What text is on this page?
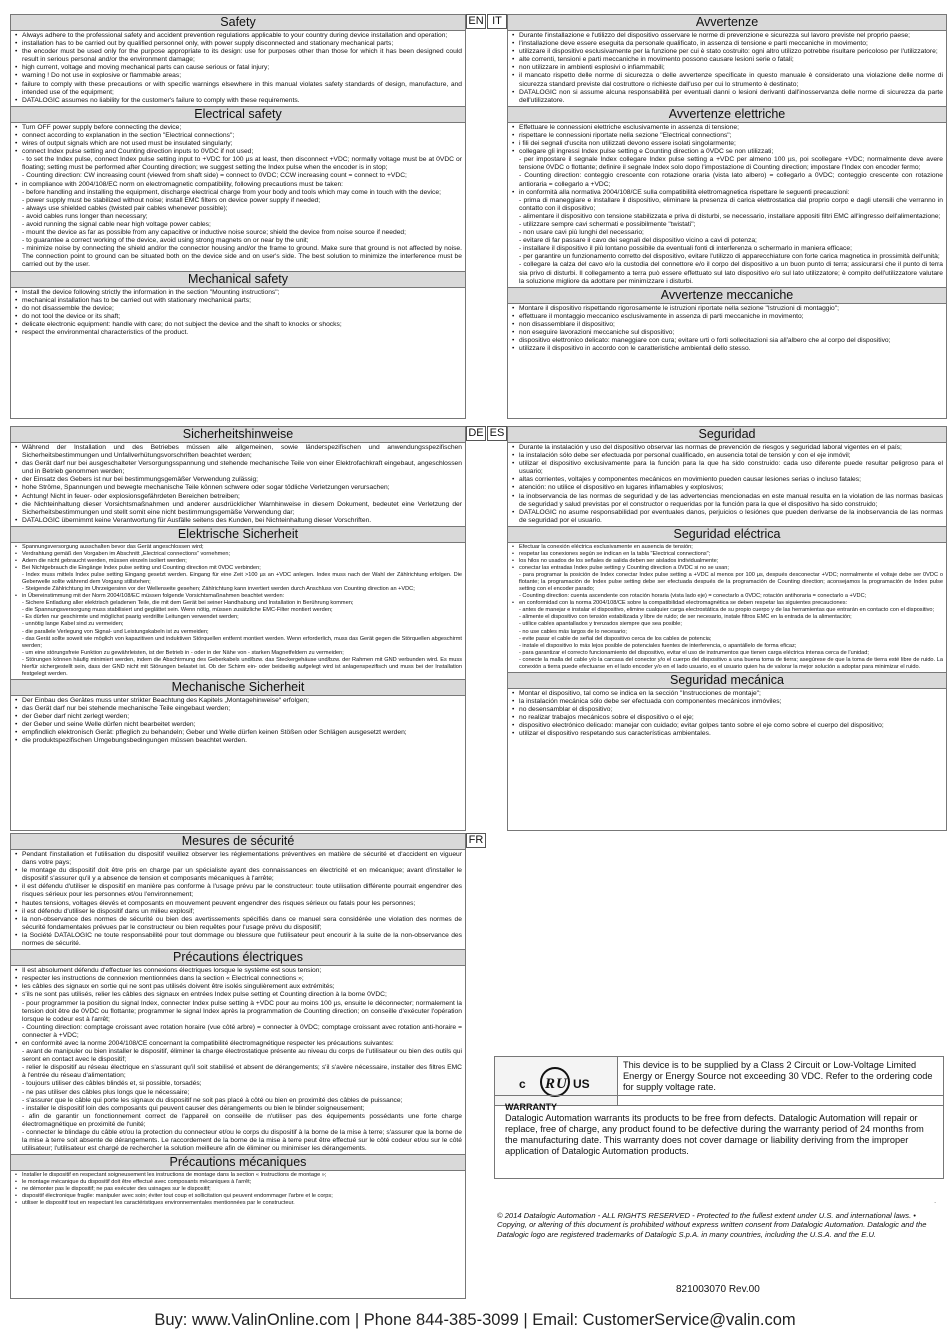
Safety
• Always adhere to the professional safety and accident prevention regulations applicable to your country during device installation and operation;
• installation has to be carried out by qualified personnel only, with power supply disconnected and stationary mechanical parts;
• the encoder must be used only for the purpose appropriate to its design: use for purposes other than those for which it has been designed could result in serious personal and/or the environment damage;
• high current, voltage and moving mechanical parts can cause serious or fatal injury;
• warning ! Do not use in explosive or flammable areas;
• failure to comply with these precautions or with specific warnings elsewhere in this manual violates safety standards of design, manufacture, and intended use of the equipment;
• DATALOGIC assumes no liability for the customer's failure to comply with these requirements.
Electrical safety
• Turn OFF power supply before connecting the device;
• connect according to explanation in the section "Electrical connections";
• wires of output signals which are not used must be insulated singularly;
• connect Index pulse setting and Counting direction inputs to 0VDC if not used;
- to set the Index pulse, connect Index pulse setting input to +VDC for 100 µs at least, then disconnect +VDC; normally voltage must be at 0VDC or floating; setting must be performed after Counting direction; we suggest setting the Index pulse when the encoder is in stop;
- Counting direction: CW increasing count (viewed from shaft side) = connect to 0VDC; CCW increasing count = connect to +VDC;
• in compliance with 2004/108/EC norm on electromagnetic compatibility, following precautions must be taken:
- before handling and installing the equipment, discharge electrical charge from your body and tools which may come in touch with the device;
- power supply must be stabilized without noise; install EMC filters on device power supply if needed;
- always use shielded cables (twisted pair cables whenever possible);
- avoid cables runs longer than necessary;
- avoid running the signal cable near high voltage power cables;
- mount the device as far as possible from any capacitive or inductive noise source; shield the device from noise source if needed;
- to guarantee a correct working of the device, avoid using strong magnets on or near by the unit;
- minimize noise by connecting the shield and/or the connector housing and/or the frame to ground. Make sure that ground is not affected by noise. The connection point to ground can be situated both on the device side and on user's side. The best solution to minimize the interference must be carried out by the user.
Mechanical safety
• Install the device following strictly the information in the section "Mounting instructions";
• mechanical installation has to be carried out with stationary mechanical parts;
• do not disassemble the device;
• do not tool the device or its shaft;
• delicate electronic equipment: handle with care; do not subject the device and the shaft to knocks or shocks;
• respect the environmental characteristics of the product.
EN IT	Avvertenze
• Durante l'installazione e l'utilizzo del dispositivo osservare le norme di prevenzione e sicurezza sul lavoro previste nel proprio paese;
• l'installazione deve essere eseguita da personale qualificato, in assenza di tensione e parti meccaniche in movimento;
• utilizzare il dispositivo esclusivamente per la funzione per cui è stato costruito: ogni altro utilizzo potrebbe risultare pericoloso per l'utilizzatore;
• alte correnti, tensioni e parti meccaniche in movimento possono causare lesioni serie o fatali;
• non utilizzare in ambienti esplosivi o infiammabili;
• il mancato rispetto delle norme di sicurezza o delle avvertenze specificate in questo manuale è considerato una violazione delle norme di sicurezza standard previste dal costruttore o richieste dall'uso per cui lo strumento è destinato;
• DATALOGIC non si assume alcuna responsabilità per eventuali danni o lesioni derivanti dall'inosservanza delle norme di sicurezza da parte dell'utilizzatore.
Avvertenze elettriche
• Effettuare le connessioni elettriche esclusivamente in assenza di tensione;
• rispettare le connessioni riportate nella sezione "Electrical connections";
• i fili dei segnali d'uscita non utilizzati devono essere isolati singolarmente;
• collegare gli ingressi Index pulse setting e Counting direction a 0VDC se non utilizzati;
- per impostare il segnale Index collegare Index pulse setting a +VDC per almeno 100 µs, poi scollegare +VDC; normalmente deve avere tensione 0VDC o flottante; definire il segnale Index solo dopo l'impostazione di Counting direction; impostare l'Index con encoder fermo;
- Counting direction: conteggio crescente con rotazione oraria (vista lato albero) = collegarlo a 0VDC; conteggio crescente con rotazione antioraria = collegarlo a +VDC;
• in conformità alla normativa 2004/108/CE sulla compatibilità elettromagnetica rispettare le seguenti precauzioni:
- prima di maneggiare e installare il dispositivo, eliminare la presenza di carica elettrostatica dal proprio corpo e dagli utensili che verranno in contatto con il dispositivo;
- alimentare il dispositivo con tensione stabilizzata e priva di disturbi, se necessario, installare appositi filtri EMC all'ingresso dell'alimentazione;
- utilizzare sempre cavi schermati e possibilmente "twistati";
- non usare cavi più lunghi del necessario;
- evitare di far passare il cavo dei segnali del dispositivo vicino a cavi di potenza;
- installare il dispositivo il più lontano possibile da eventuali fonti di interferenza o schermarlo in maniera efficace;
- per garantire un funzionamento corretto del dispositivo, evitare l'utilizzo di apparecchiature con forte carica magnetica in prossimità dell'unità;
- collegare la calza del cavo e/o la custodia del connettore e/o il corpo del dispositivo a un buon punto di terra; assicurarsi che il punto di terra sia privo di disturbi. Il collegamento a terra può essere effettuato sul lato dispositivo e/o sul lato utilizzatore; è compito dell'utilizzatore valutare la soluzione migliore da adottare per minimizzare i disturbi.
Avvertenze meccaniche
• Montare il dispositivo rispettando rigorosamente le istruzioni riportate nella sezione "Istruzioni di montaggio";
• effettuare il montaggio meccanico esclusivamente in assenza di parti meccaniche in movimento;
• non disassemblare il dispositivo;
• non eseguire lavorazioni meccaniche sul dispositivo;
• dispositivo elettronico delicato: maneggiare con cura; evitare urti o forti sollecitazioni sia all'albero che al corpo del dispositivo;
• utilizzare il dispositivo in accordo con le caratteristiche ambientali dello stesso.
Sicherheitshinweise
• Während der Installation und des Betriebes müssen alle allgemeinen, sowie länderspezifischen und anwendungsspezifischen Sicherheitsbestimmungen und Unfallverhütungsvorschriften beachtet werden;
• das Gerät darf nur bei ausgeschalteter Versorgungsspannung und stehende mechanische Teile von einer Elektrofachkraft eingebaut, angeschlossen und in Betrieb genommen werden;
• der Einsatz des Gebers ist nur bei bestimmungsgemäßer Verwendung zulässig;
• hohe Ströme, Spannungen und bewegte mechanische Teile können schwere oder sogar tödliche Verletzungen verursachen;
• Achtung! Nicht in feuer- oder explosionsgefährdeten Bereichen betreiben;
• die Nichteinhaltung dieser Vorsichtsmaßnahmen und anderer ausdrücklicher Warnhinweise in diesem Dokument, bedeutet eine Verletzung der Sicherheitsbestimmungen und stellt somit eine nicht bestimmungsgemäße Verwendung dar;
• DATALOGIC übernimmt keine Verantwortung für Ausfälle seitens des Kunden, bei Nichteinhaltung dieser Vorschriften.
Elektrische Sicherheit
• Spannungsversorgung ausschalten bevor das Gerät angeschlossen wird;
• Verdrahtung gemäß den Vorgaben im Abschnitt „Electrical connections“ vornehmen;
• Adern die nicht gebraucht werden, müssen einzeln isoliert werden;
• Bei Nichtgebrauch die Eingänge Index pulse setting und Counting direction mit 0VDC verbinden;
- Index muss mittels Index pulse setting Eingang gesetzt werden. Eingang für eine Zeit >100 µs an +VDC anlegen. Index muss nach der Wahl der Zählrichtung erfolgen. Die Geberwelle sollte während dem Vorgang stillstehen;
- Steigende Zählrichtung im Uhrzeigersinn vor der Wellenseite gesehen; Zählrichtung kann invertiert werden durch Anschluss von Counting direction an +VDC;
• in Übereinstimmung mit der Norm 2004/108/EC müssen folgende Vorsichtsmaßnahmen beachtet werden:
- Sichere Entladung aller elektrisch geladenen Teile, die mit dem Gerät bei seiner Handhabung und Installation in Berührung kommen;
- die Spannungsversorgung muss stabilisiert und geglättet sein. Wenn nötig, müssen zusätzliche EMC-Filter montiert werden;
- Es dürfen nur geschirmte und möglichst paarig verdrillte Leitungen verwendet werden;
- unnötig lange Kabel sind zu vermeiden;
- die parallele Verlegung von Signal- und Leistungskabeln ist zu vermeiden;
- das Gerät sollte soweit wie möglich von kapazitiven und induktiven Störquellen entfernt montiert werden. Wenn erforderlich, muss das Gerät gegen die Störquellen abgeschirmt werden;
- um eine störungsfreie Funktion zu gewährleisten, ist der Betrieb in - oder in der Nähe von - starken Magnetfeldern zu vermeiden;
- Störungen können häufig minimiert werden, indem die Abschirmung des Geberkabels und/bzw. das Steckergehäuse und/bzw. der Rahmen mit GND verbunden wird. Es muss hierfür sichergestellt sein, dass der GND nicht mit Störungen belastet ist. Ob der Schirm ein- oder beidseitig aufgelegt wird ist anlagenspezifisch und muss bei der Installation festgelegt werden.
Mechanische Sicherheit
• Der Einbau des Gerätes muss unter strikter Beachtung des Kapitels „Montagehinweise“ erfolgen;
• das Gerät darf nur bei stehende mechanische Teile eingebaut werden;
• der Geber darf nicht zerlegt werden;
• der Geber und seine Welle dürfen nicht bearbeitet werden;
• empfindlich elektronisch Gerät: pfleglich zu behandeln; Geber und Welle dürfen keinen Stößen oder Schlägen ausgesetzt werden;
• die produktspezifischen Umgebungsbedingungen müssen beachtet werden.
DE ES	Seguridad
• Durante la instalación y uso del dispositivo observar las normas de prevención de riesgos y seguridad laboral vigentes en el país;
• la instalación sólo debe ser efectuada por personal cualificado, en ausencia total de tensión y con el eje inmóvil;
• utilizar el dispositivo exclusivamente para la función para la que ha sido construido: cada uso diferente puede resultar peligroso para el usuario;
• altas corrientes, voltajes y componentes mecánicos en movimiento pueden causar lesiones serias o incluso fatales;
• atención: no utilice el dispositivo en lugares inflamables y explosivos;
• la inobservancia de las normas de seguridad y de las advertencias mencionadas en este manual resulta en la violation de las normas basicas de seguridad y salud previstas por el constructor o requeridas por la función para la que el dispositivo ha sido construido;
• DATALOGIC no asume responsabilidad por eventuales danos, perjuicios o lesiónes que pueden derivarse de la inobservancia de las normas de seguridad por el usuario.
Seguridad eléctrica
• Efectuar la conexión eléctrica exclusivamente en ausencia de tensión;
• respetar las conexiones según se indican en la tabla "Electrical connections";
• los hilos no usados de los señales de salida deben ser aislados individualmente;
• conectar las entradas Index pulse setting y Counting direction a 0VDC si no se usan;
- para programar la posición de Index conectar Index pulse setting a +VDC al menos por 100 µs, después desconectar +VDC; normalmente el voltaje debe ser 0VDC o flotante; la programación de Index pulse setting debe ser efectuada después de la programación de Counting direction; aconsejamos la programación de Index pulse setting con el encoder parado;
- Counting direction: cuenta ascendente con rotación horaria (vista lado eje) = conectarlo a 0VDC; rotación antihoraria = conectarlo a +VDC;
• en conformidad con la norma 2004/108/CE sobre la compatibilidad electromagnética se deben respetar las siguientes precauciones:
- antes de manejar e instalar el dispositivo, elimine cualquier carga electrostática de su propio cuerpo y de las herramientas que entrarán en contacto con el dispositivo;
- alimente el dispositivo con tensión estabilizada y libre de ruido; de ser necesario, instale filtros EMC en la entrada de la alimentación;
- utilice cables apantallados y trenzados siempre que sea posible;
- no use cables más largos de lo necesario;
- evite pasar el cable de señal del dispositivo cerca de los cables de potencia;
- instale el dispositivo lo más lejos posible de potenciales fuentes de interferencia, o apantállelo de forma eficaz;
- para garantizar el correcto funcionamiento del dispositivo, evitar el uso de instrumentos que tienen carga eléctrica intensa cerca de l'unidad;
- conecte la malla del cable y/o la carcasa del conector y/o el cuerpo del dispositivo a una buena toma de tierra; asegúrese de que la toma de tierra esté libre de ruido. La conexión a tierra puede efectuarse en el lado encoder y/o en el lado usuario, es el usuario quien ha de valorar la mejor solución a adoptar para minimizar el ruido.
Seguridad mecánica
• Montar el dispositivo, tal como se indica en la sección "Instrucciones de montaje";
• la instalación mecánica sólo debe ser efectuada con componentes mecánicos inmóviles;
• no desensamblar el dispositivo;
• no realizar trabajos mecánicos sobre el dispositivo o el eje;
• dispositivo electrónico delicado: manejar con cuidado; evitar golpes tanto sobre el eje como sobre el cuerpo del dispositivo;
• utilizar el dispositivo respetando sus características ambientales.
Mesures de sécurité
• Pendant l'installation et l'utilisation du dispositif veuillez observer les réglementations préventives en matière de sécurité et d'accident en vigueur dans votre pays;
• le montage du dispositif doit être pris en charge par un spécialiste ayant des connaissances en électricité et en mécanique; avant d'installer le dispositif s'assurer qu'il y a absence de tension et composants mécaniques à l'arrête;
• il est défendu d'utiliser le dispositif en manière pas conforme à l'usage prévu par le constructeur: toute utilisation différente pourrait engendrer des risques sérieux pour les personnes et/ou l'environnement;
• hautes tensions, voltages élevés et composants en mouvement peuvent engendrer des risques sérieux ou fatals pour les personnes;
• il est défendu d'utiliser le dispositif dans un milieu explosif;
• la non-observance des normes de sécurité ou bien des avertissements spécifiés dans ce manuel sera considérée une violation des normes de sécurité fondamentales prévues par le constructeur ou bien requêtes pour l'usage prévu du dispositif;
• la Société DATALOGIC ne toute responsabilité pour tout dommage ou blessure que l'utilisateur peut encourir à la suite de la non-observance des normes de sécurité.
Précautions électriques
• Il est absolument défendu d'effectuer les connexions électriques lorsque le système est sous tension;
• respecter les instructions de connexion mentionnées dans la section « Electrical connections »;
• les câbles des signaux en sortie qui ne sont pas utilisés doivent être isolés singulièrement aux extrémités;
• s'ils ne sont pas utilisés, relier les câbles des signaux en entrées Index pulse setting et Counting direction à la borne 0VDC;
- pour programmer la position du signal Index, connecter Index pulse setting à +VDC pour au moins 100 µs, ensuite le déconnecter; normalement la tension doit être de 0VDC ou flottante; programmer le signal Index après la programmation de Counting direction; on conseille d'exécuter l'opération lorsque le codeur est à l'arrêt;
- Counting direction: comptage croissant avec rotation horaire (vue côté arbre) = connecter à 0VDC; comptage croissant avec rotation anti-horaire = connecter à +VDC;
• en conformité avec la norme 2004/108/CE concernant la compatibilité électromagnétique respecter les précautions suivantes:
- avant de manipuler ou bien installer le dispositif, éliminer la charge électrostatique présente au niveau du corps de l'utilisateur ou bien des outils qui seront en contact avec le dispositif;
- relier le dispositif au réseau électrique en s'assurant qu'il soit stabilisé et absent de dérangements; s'il s'avère nécessaire, installer des filtres EMC à l'entrée du réseau d'alimentation;
- toujours utiliser des câbles blindés et, si possible, torsadés;
- ne pas utiliser des câbles plus longs que le nécessaire;
- s'assurer que le câble qui porte les signaux du dispositif ne soit pas placé à côté ou bien en proximité des câbles de puissance;
- installer le dispositif loin des composants qui peuvent causer des dérangements ou bien le blinder soigneusement;
- afin de garantir un fonctionnement correct de l'appareil on conseille de n'utiliser pas des équipements possédants une forte charge électromagnétique en proximité de l'unité;
- connecter le blindage du câble et/ou la protection du connecteur et/ou le corps du dispositif à la borne de la mise à terre; s'assurer que la borne de la mise à terre soit absente de dérangements. Le raccordement de la borne de la mise à terre peut être effectué sur le côté codeur et/ou sur le côté utilisateur; l'utilisateur est chargé de rechercher la solution meilleure afin de éliminer ou minimiser les dérangements.
Précautions mécaniques
• Installer le dispositif en respectant soigneusement les instructions de montage dans la section « Instructions de montage »;
• le montage mécanique du dispositif doit être effectué avec composants mécaniques à l'arrêt;
• ne démonter pas le dispositif; ne pas exécuter des usinages sur le dispositif;
• dispositif électronique fragile: manipuler avec soin; éviter tout coup et sollicitation qui peuvent endommager l'arbre et le corps;
• utiliser le dispositif tout en respectant les caractéristiques environnementales mentionnées par le constructeur.
FR
c R U US
This device is to be supplied by a Class 2 Circuit or Low-Voltage Limited Energy or Energy Source not exceeding 30 VDC. Refer to the ordering code for supply voltage rate.
WARRANTY
Datalogic Automation warrants its products to be free from defects. Datalogic Automation will repair or replace, free of charge, any product found to be defective during the warranty period of 24 months from the manufacturing date. This warranty does not cover damage or liability deriving from the improper application of Datalogic Automation products.
.
© 2014 Datalogic Automation - ALL RIGHTS RESERVED - Protected to the fullest extent under U.S. and international laws. • Copying, or altering of this document is prohibited without express written consent from Datalogic Automation. Datalogic and the Datalogic logo are registered trademarks of Datalogic S.p.A. in many countries, including the U.S.A. and the E.U.
821003070 Rev.00
Buy: www.ValinOnline.com | Phone 844-385-3099 | Email: CustomerService@valin.com
